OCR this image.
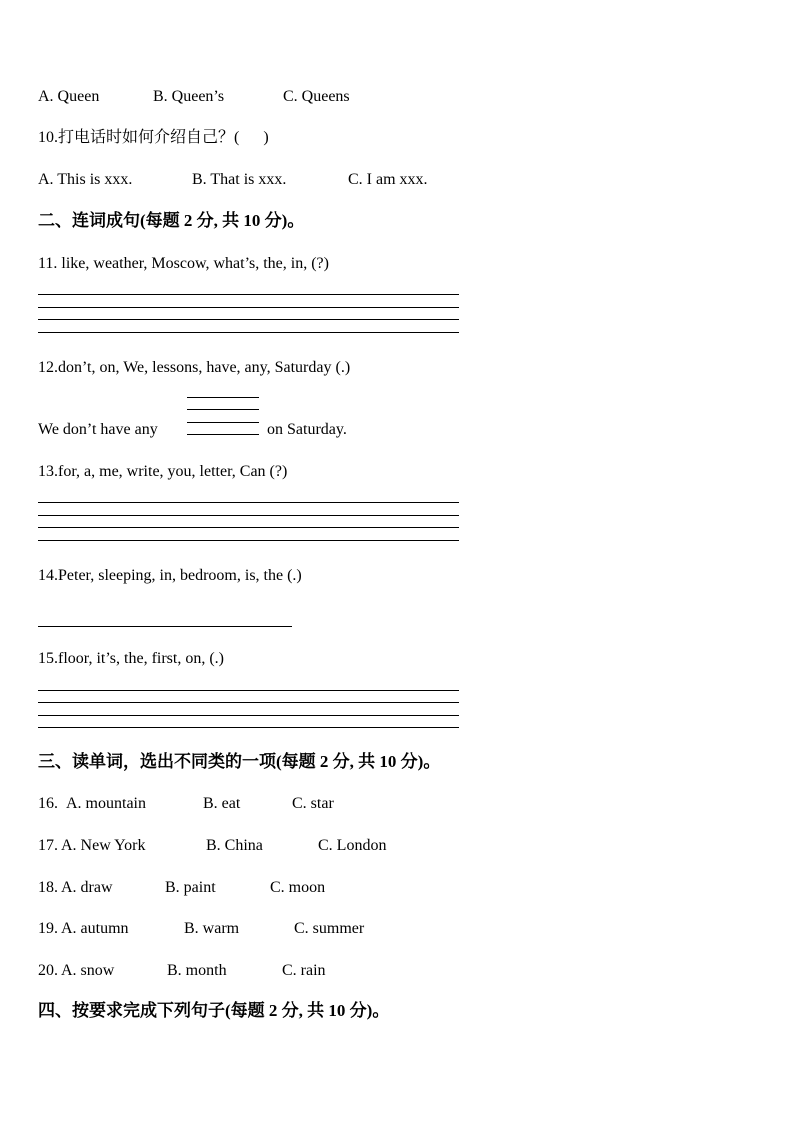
A. Queen	B. Queen’s	C. Queens
10.打电话时如何介绍自己？(      )
A. This is xxx.	B. That is xxx.	C. I am xxx.
二、连词成句(每题 2 分, 共 10 分)。
11. like, weather, Moscow, what’s, the, in, (?)
12.don’t, on, We, lessons, have, any, Saturday (.)
We don’t have any	on Saturday.
13.for, a, me, write, you, letter, Can (?)
14.Peter, sleeping, in, bedroom, is, the (.)
15.floor, it’s, the, first, on, (.)
三、读单词，选出不同类的一项(每题 2 分, 共 10 分)。
16. A. mountain	B. eat	C. star
17. A. New York	B. China	C. London
18. A. draw	B. paint	C. moon
19. A. autumn	B. warm	C. summer
20. A. snow	B. month	C. rain
四、按要求完成下列句子(每题 2 分, 共 10 分)。
